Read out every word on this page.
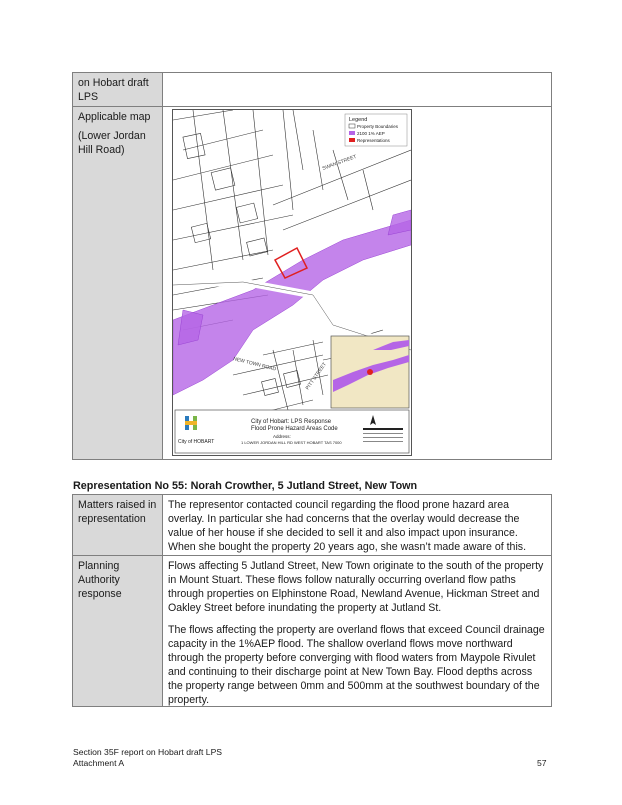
on Hobart draft LPS
Applicable map
(Lower Jordan Hill Road)
SWAN STREET
NEW TOWN ROAD	PITT STREET
Legend
Property Boundaries
2100 1% AEP
Representations
City of HOBART
City of Hobart: LPS Response
Flood Prone Hazard Areas Code
Address:
1 LOWER JORDAN HILL RD WEST HOBART TAS 7000
Representation No 55: Norah Crowther, 5 Jutland Street, New Town
Matters raised in representation
The representor contacted council regarding the flood prone hazard area overlay. In particular she had concerns that the overlay would decrease the value of her house if she decided to sell it and also impact upon insurance. When she bought the property 20 years ago, she wasn’t made aware of this.
Planning Authority response

Flows affecting 5 Jutland Street, New Town originate to the south of the property in Mount Stuart. These flows follow naturally occurring overland flow paths through properties on Elphinstone Road, Newland Avenue, Hickman Street and Oakley Street before inundating the property at Jutland St.

The flows affecting the property are overland flows that exceed Council drainage capacity in the 1%AEP flood. The shallow overland flows move northward through the property before converging with flood waters from Maypole Rivulet and continuing to their discharge point at New Town Bay. Flood depths across the property range between 0mm and 500mm at the southwest boundary of the property.

Section 35F report on Hobart draft LPS
Attachment A	57
